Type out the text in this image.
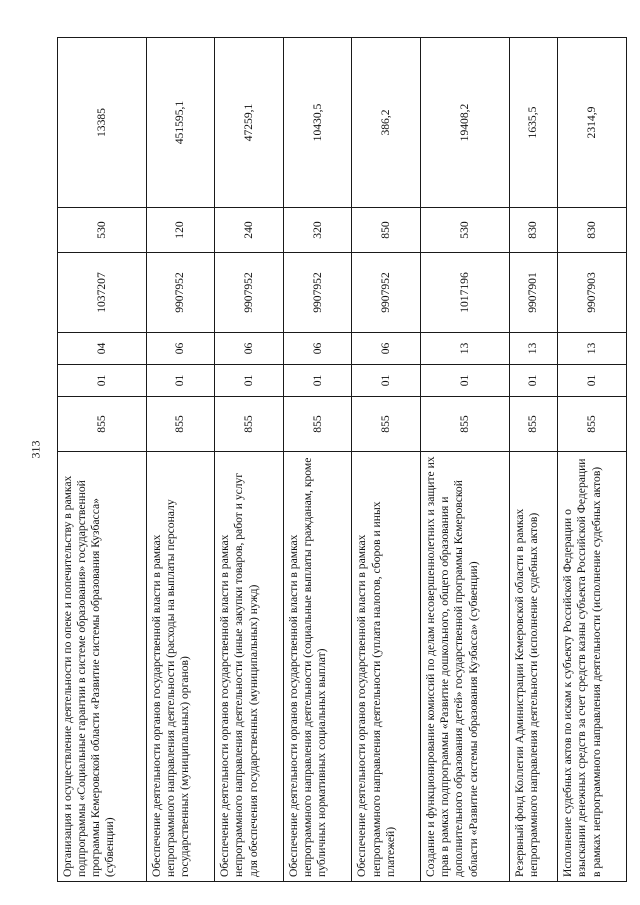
313
Организация и осуществление деятельности по опеке и попечительству в рамках подпрограммы «Социальные гарантии в системе образования» государственной программы Кемеровской области «Развитие системы образования Кузбасса» (субвенции)	855	01	04	1037207	530	13385
Обеспечение деятельности органов государственной власти в рамках непрограммного направления деятельности (расходы на выплаты персоналу государственных (муниципальных) органов)	855	01	06	9907952	120	451595,1
Обеспечение деятельности органов государственной власти в рамках непрограммного направления деятельности (иные закупки товаров, работ и услуг для обеспечения государственных (муниципальных) нужд)	855	01	06	9907952	240	47259,1
Обеспечение деятельности органов государственной власти в рамках непрограммного направления деятельности (социальные выплаты гражданам, кроме публичных нормативных социальных выплат)	855	01	06	9907952	320	10430,5
Обеспечение деятельности органов государственной власти в рамках непрограммного направления деятельности (уплата налогов, сборов и иных платежей)	855	01	06	9907952	850	386,2
Создание и функционирование комиссий по делам несовершеннолетних и защите их прав в рамках подпрограммы «Развитие дошкольного, общего образования и дополнительного образования детей» государственной программы Кемеровской области «Развитие системы образования Кузбасса» (субвенции)	855	01	13	1017196	530	19408,2
Резервный фонд Коллегии Администрации Кемеровской области в рамках непрограммного направления деятельности (исполнение судебных актов)	855	01	13	9907901	830	1635,5
Исполнение судебных актов по искам к субъекту Российской Федерации о взыскании денежных средств за счет средств казны субъекта Российской Федерации в рамках непрограммного направления деятельности (исполнение судебных актов)	855	01	13	9907903	830	2314,9
